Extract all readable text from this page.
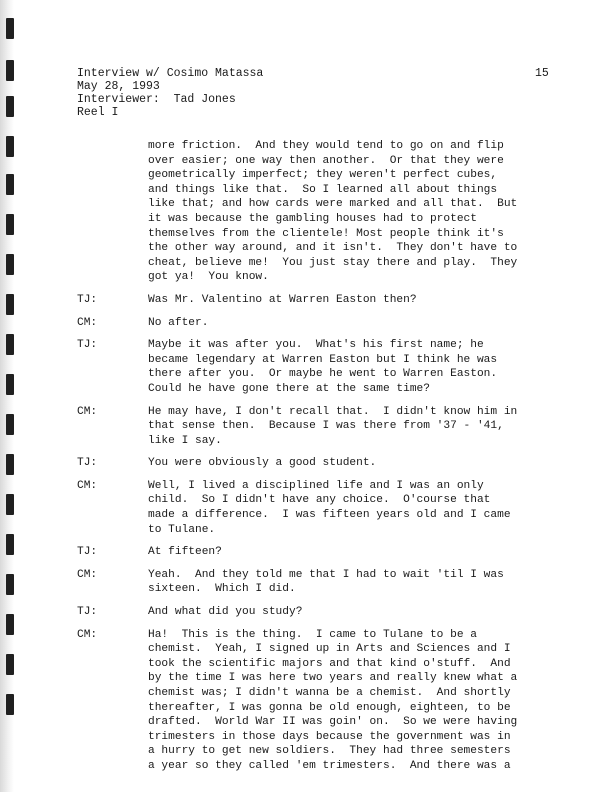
Interview w/ Cosimo Matassa
May 28, 1993
Interviewer:  Tad Jones
Reel I
15
more friction.  And they would tend to go on and flip
over easier; one way then another.  Or that they were
geometrically imperfect; they weren't perfect cubes,
and things like that.  So I learned all about things
like that; and how cards were marked and all that.  But
it was because the gambling houses had to protect
themselves from the clientele! Most people think it's
the other way around, and it isn't.  They don't have to
cheat, believe me!  You just stay there and play.  They
got ya!  You know.
TJ:	Was Mr. Valentino at Warren Easton then?
CM:	No after.
TJ:	Maybe it was after you.  What's his first name; he
became legendary at Warren Easton but I think he was
there after you.  Or maybe he went to Warren Easton.
Could he have gone there at the same time?
CM:	He may have, I don't recall that.  I didn't know him in
that sense then.  Because I was there from '37 - '41,
like I say.
TJ:	You were obviously a good student.
CM:	Well, I lived a disciplined life and I was an only
child.  So I didn't have any choice.  O'course that
made a difference.  I was fifteen years old and I came
to Tulane.
TJ:	At fifteen?
CM:	Yeah.  And they told me that I had to wait 'til I was
sixteen.  Which I did.
TJ:	And what did you study?
CM:	Ha!  This is the thing.  I came to Tulane to be a
chemist.  Yeah, I signed up in Arts and Sciences and I
took the scientific majors and that kind o'stuff.  And
by the time I was here two years and really knew what a
chemist was; I didn't wanna be a chemist.  And shortly
thereafter, I was gonna be old enough, eighteen, to be
drafted.  World War II was goin' on.  So we were having
trimesters in those days because the government was in
a hurry to get new soldiers.  They had three semesters
a year so they called 'em trimesters.  And there was a
